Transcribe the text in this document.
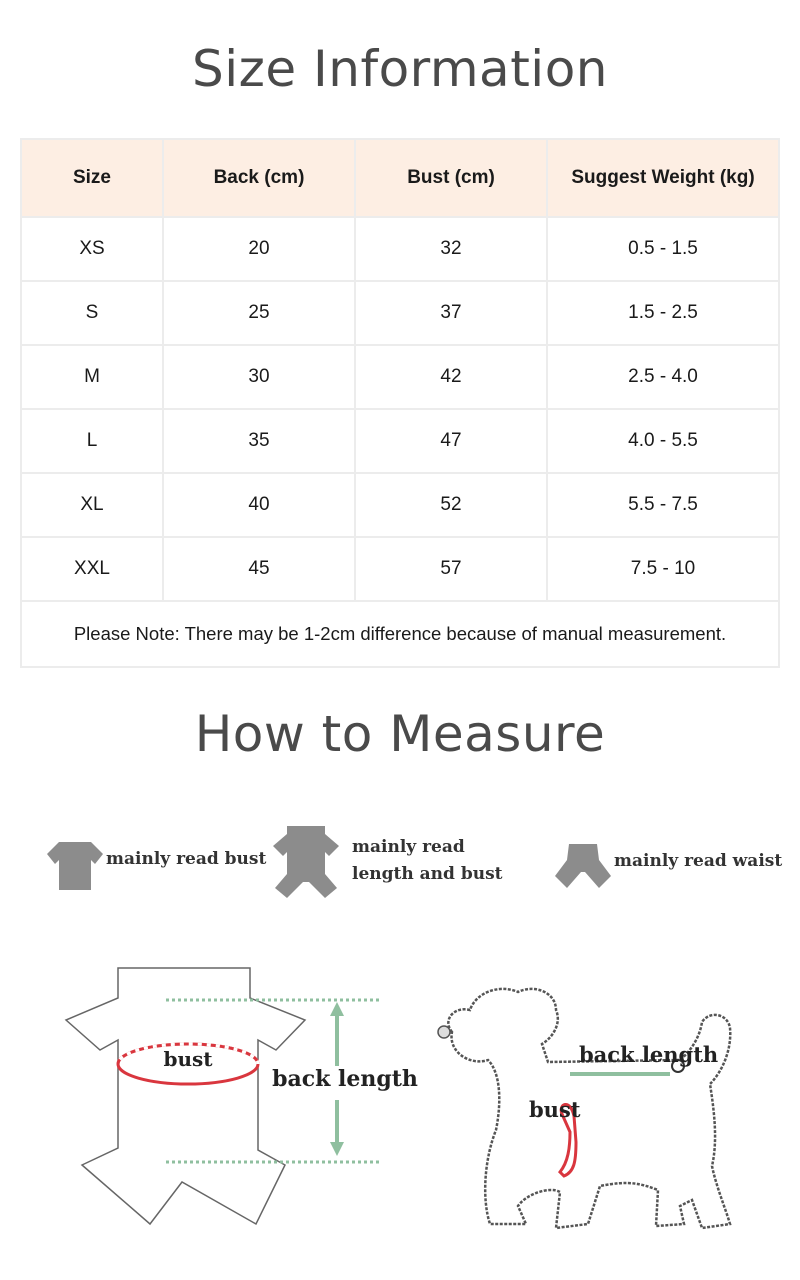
Size Information
Size	Back (cm)	Bust (cm)	Suggest Weight (kg)
XS	20	32	0.5 - 1.5
S	25	37	1.5 - 2.5
M	30	42	2.5 - 4.0
L	35	47	4.0 - 5.5
XL	40	52	5.5 - 7.5
XXL	45	57	7.5 - 10
Please Note: There may be 1-2cm difference because of manual measurement.			
How to Measure
mainly read bust
mainly read
length and bust
mainly read waist
bust
back length
back length
bust
